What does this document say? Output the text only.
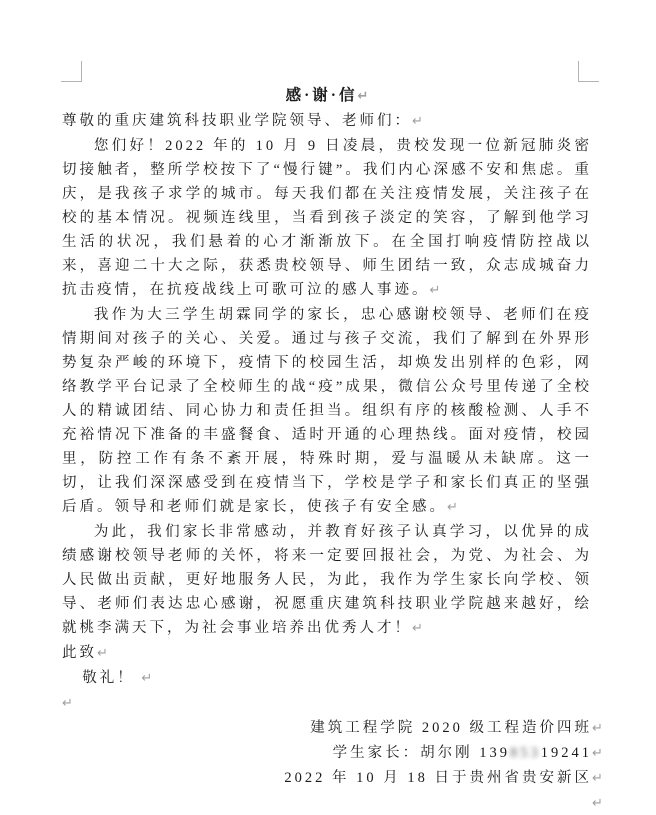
感·谢·信↵

尊敬的重庆建筑科技职业学院领导、老师们：↵

您们好！2022 年的 10 月 9 日凌晨，贵校发现一位新冠肺炎密切接触者，整所学校按下了“慢行键”。我们内心深感不安和焦虑。重庆，是我孩子求学的城市。每天我们都在关注疫情发展，关注孩子在校的基本情况。视频连线里，当看到孩子淡定的笑容，了解到他学习生活的状况，我们悬着的心才渐渐放下。在全国打响疫情防控战以来，喜迎二十大之际，获悉贵校领导、师生团结一致，众志成城奋力抗击疫情，在抗疫战线上可歌可泣的感人事迹。↵

我作为大三学生胡霖同学的家长，忠心感谢校领导、老师们在疫情期间对孩子的关心、关爱。通过与孩子交流，我们了解到在外界形势复杂严峻的环境下，疫情下的校园生活，却焕发出别样的色彩，网络教学平台记录了全校师生的战“疫”成果，微信公众号里传递了全校人的精诚团结、同心协力和责任担当。组织有序的核酸检测、人手不充裕情况下准备的丰盛餐食、适时开通的心理热线。面对疫情，校园里，防控工作有条不紊开展，特殊时期，爱与温暖从未缺席。这一切，让我们深深感受到在疫情当下，学校是学子和家长们真正的坚强后盾。领导和老师们就是家长，使孩子有安全感。↵

为此，我们家长非常感动，并教育好孩子认真学习，以优异的成绩感谢校领导老师的关怀，将来一定要回报社会，为党、为社会、为人民做出贡献，更好地服务人民，为此，我作为学生家长向学校、领导、老师们表达忠心感谢，祝愿重庆建筑科技职业学院越来越好，绘就桃李满天下，为社会事业培养出优秀人才！↵

此致↵

敬礼！ ↵

↵

建筑工程学院 2020 级工程造价四班↵

学生家长：胡尔刚 13985319241↵

2022 年 10 月 18 日于贵州省贵安新区↵

↵
